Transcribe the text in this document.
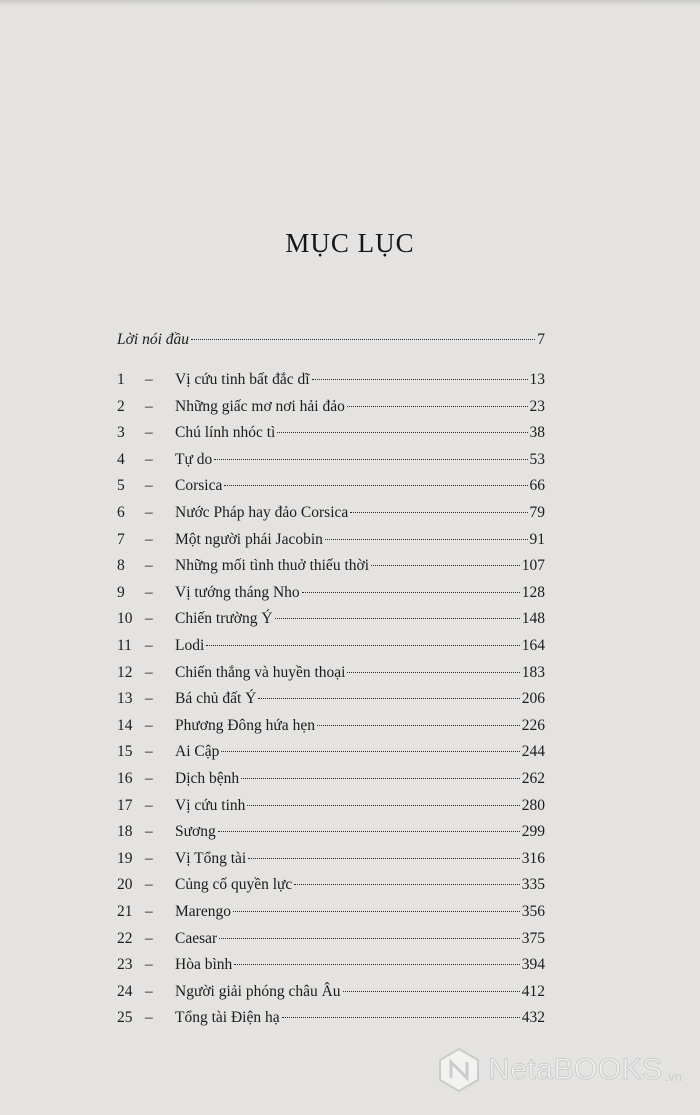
MỤC LỤC
Lời nói đầu	7
1	–	Vị cứu tinh bất đắc dĩ	13
2	–	Những giấc mơ nơi hải đảo	23
3	–	Chú lính nhóc tì	38
4	–	Tự do	53
5	–	Corsica	66
6	–	Nước Pháp hay đảo Corsica	79
7	–	Một người phái Jacobin	91
8	–	Những mối tình thuở thiếu thời	107
9	–	Vị tướng tháng Nho	128
10 –	Chiến trường Ý	148
11 –	Lodi	164
12 –	Chiến thắng và huyền thoại	183
13 –	Bá chủ đất Ý	206
14 –	Phương Đông hứa hẹn	226
15 –	Ai Cập	244
16 –	Dịch bệnh	262
17 –	Vị cứu tinh	280
18 –	Sương	299
19 –	Vị Tổng tài	316
20 –	Củng cố quyền lực	335
21 –	Marengo	356
22 –	Caesar	375
23 –	Hòa bình	394
24 –	Người giải phóng châu Âu	412
25 –	Tổng tài Điện hạ	432
NetaBOOKS .vn
